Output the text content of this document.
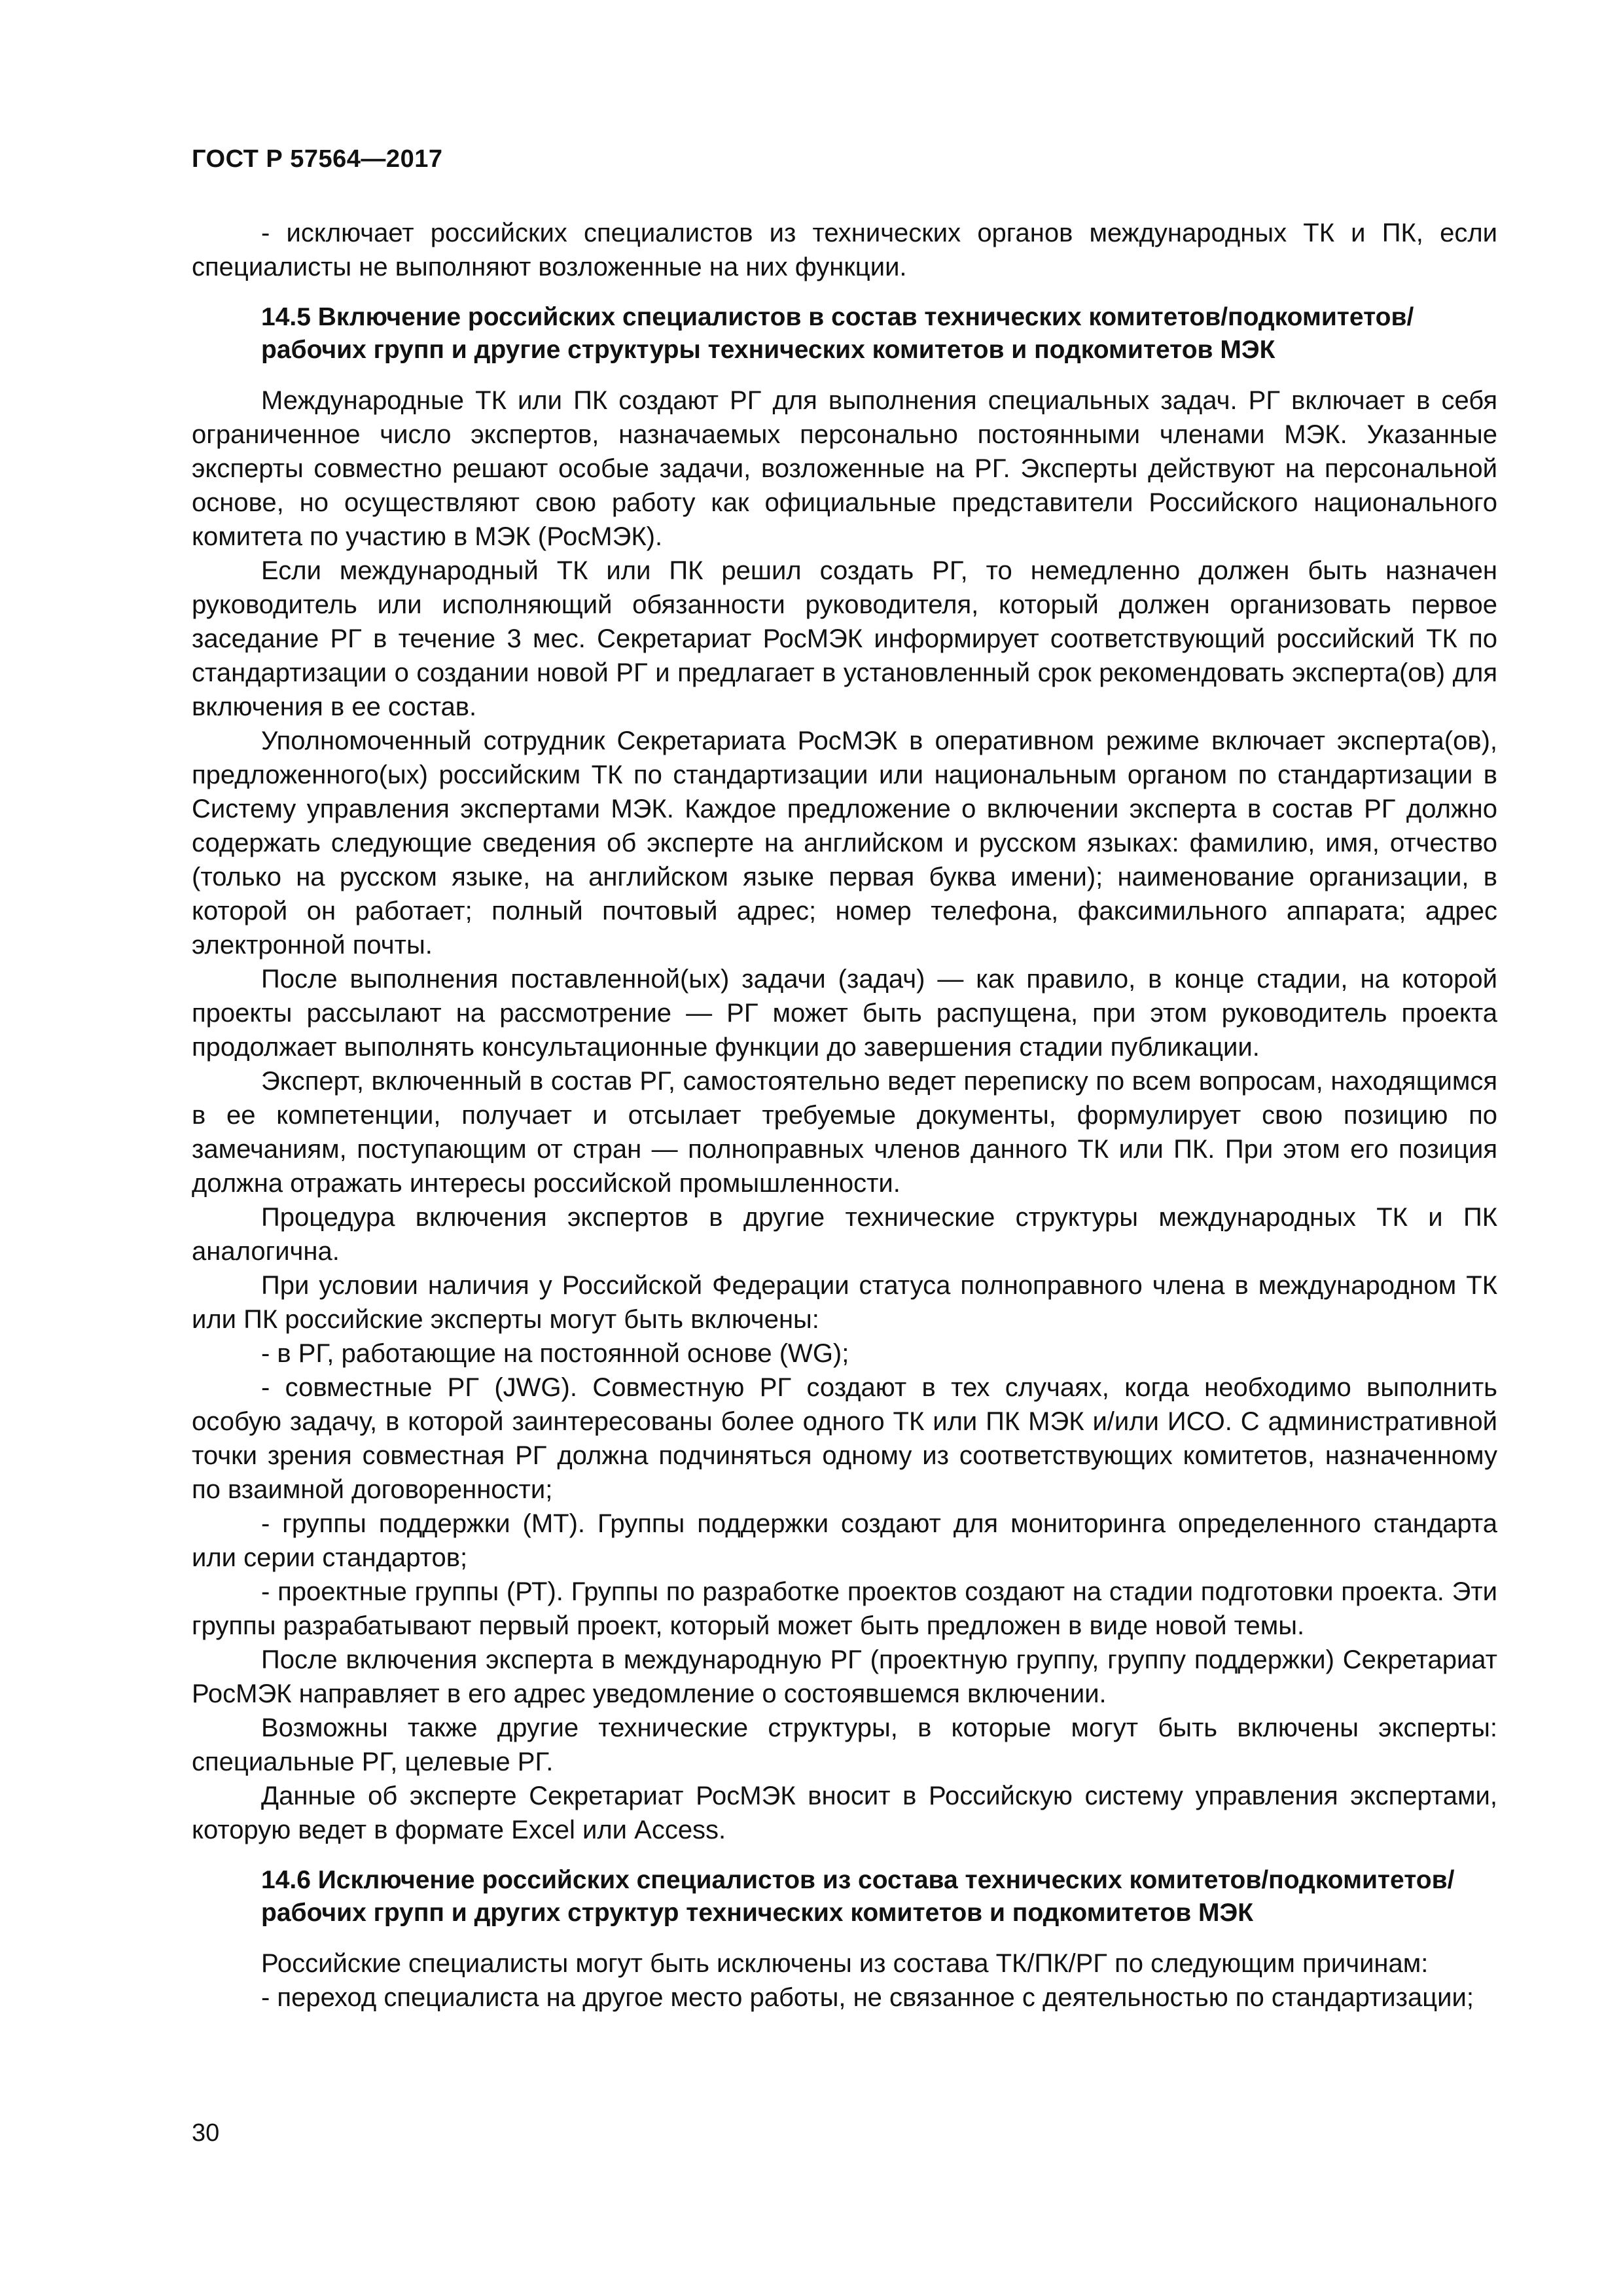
ГОСТ Р 57564—2017

- исключает российских специалистов из технических органов международных ТК и ПК, если специалисты не выполняют возложенные на них функции.

14.5 Включение российских специалистов в состав технических комитетов/подкомитетов/рабочих групп и другие структуры технических комитетов и подкомитетов МЭК

Международные ТК или ПК создают РГ для выполнения специальных задач. РГ включает в себя ограниченное число экспертов, назначаемых персонально постоянными членами МЭК. Указанные эксперты совместно решают особые задачи, возложенные на РГ. Эксперты действуют на персональной основе, но осуществляют свою работу как официальные представители Российского национального комитета по участию в МЭК (РосМЭК).

Если международный ТК или ПК решил создать РГ, то немедленно должен быть назначен руководитель или исполняющий обязанности руководителя, который должен организовать первое заседание РГ в течение 3 мес. Секретариат РосМЭК информирует соответствующий российский ТК по стандартизации о создании новой РГ и предлагает в установленный срок рекомендовать эксперта(ов) для включения в ее состав.

Уполномоченный сотрудник Секретариата РосМЭК в оперативном режиме включает эксперта(ов), предложенного(ых) российским ТК по стандартизации или национальным органом по стандартизации в Систему управления экспертами МЭК. Каждое предложение о включении эксперта в состав РГ должно содержать следующие сведения об эксперте на английском и русском языках: фамилию, имя, отчество (только на русском языке, на английском языке первая буква имени); наименование организации, в которой он работает; полный почтовый адрес; номер телефона, факсимильного аппарата; адрес электронной почты.

После выполнения поставленной(ых) задачи (задач) — как правило, в конце стадии, на которой проекты рассылают на рассмотрение — РГ может быть распущена, при этом руководитель проекта продолжает выполнять консультационные функции до завершения стадии публикации.

Эксперт, включенный в состав РГ, самостоятельно ведет переписку по всем вопросам, находящимся в ее компетенции, получает и отсылает требуемые документы, формулирует свою позицию по замечаниям, поступающим от стран — полноправных членов данного ТК или ПК. При этом его позиция должна отражать интересы российской промышленности.

Процедура включения экспертов в другие технические структуры международных ТК и ПК аналогична.

При условии наличия у Российской Федерации статуса полноправного члена в международном ТК или ПК российские эксперты могут быть включены:

- в РГ, работающие на постоянной основе (WG);

- совместные РГ (JWG). Совместную РГ создают в тех случаях, когда необходимо выполнить особую задачу, в которой заинтересованы более одного ТК или ПК МЭК и/или ИСО. С административной точки зрения совместная РГ должна подчиняться одному из соответствующих комитетов, назначенному по взаимной договоренности;

- группы поддержки (МТ). Группы поддержки создают для мониторинга определенного стандарта или серии стандартов;

- проектные группы (РТ). Группы по разработке проектов создают на стадии подготовки проекта. Эти группы разрабатывают первый проект, который может быть предложен в виде новой темы.

После включения эксперта в международную РГ (проектную группу, группу поддержки) Секретариат РосМЭК направляет в его адрес уведомление о состоявшемся включении.

Возможны также другие технические структуры, в которые могут быть включены эксперты: специальные РГ, целевые РГ.

Данные об эксперте Секретариат РосМЭК вносит в Российскую систему управления экспертами, которую ведет в формате Excel или Access.

14.6 Исключение российских специалистов из состава технических комитетов/подкомитетов/рабочих групп и других структур технических комитетов и подкомитетов МЭК

Российские специалисты могут быть исключены из состава ТК/ПК/РГ по следующим причинам:

- переход специалиста на другое место работы, не связанное с деятельностью по стандартизации;

30
